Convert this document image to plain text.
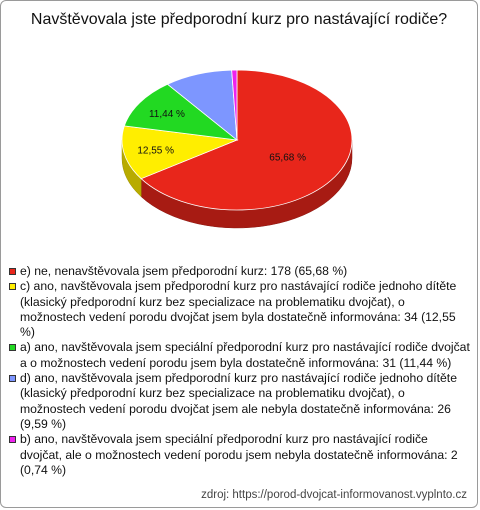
Navštěvovala jste předporodní kurz pro nastávající rodiče?
65,68 %
12,55 %
11,44 %
e) ne, nenavštěvovala jsem předporodní kurz: 178 (65,68 %)
c) ano, navštěvovala jsem předporodní kurz pro nastávající rodiče jednoho dítěte (klasický předporodní kurz bez specializace na problematiku dvojčat), o možnostech vedení porodu dvojčat jsem byla dostatečně informována: 34 (12,55 %)
a) ano, navštěvovala jsem speciální předporodní kurz pro nastávající rodiče dvojčat a o možnostech vedení porodu jsem byla dostatečně informována: 31 (11,44 %)
d) ano, navštěvovala jsem předporodní kurz pro nastávající rodiče jednoho dítěte (klasický předporodní kurz bez specializace na problematiku dvojčat), o možnostech vedení porodu dvojčat jsem ale nebyla dostatečně informována: 26 (9,59 %)
b) ano, navštěvovala jsem speciální předporodní kurz pro nastávající rodiče dvojčat, ale o možnostech vedení porodu jsem nebyla dostatečně informována: 2 (0,74 %)
zdroj: https://porod-dvojcat-informovanost.vyplnto.cz
